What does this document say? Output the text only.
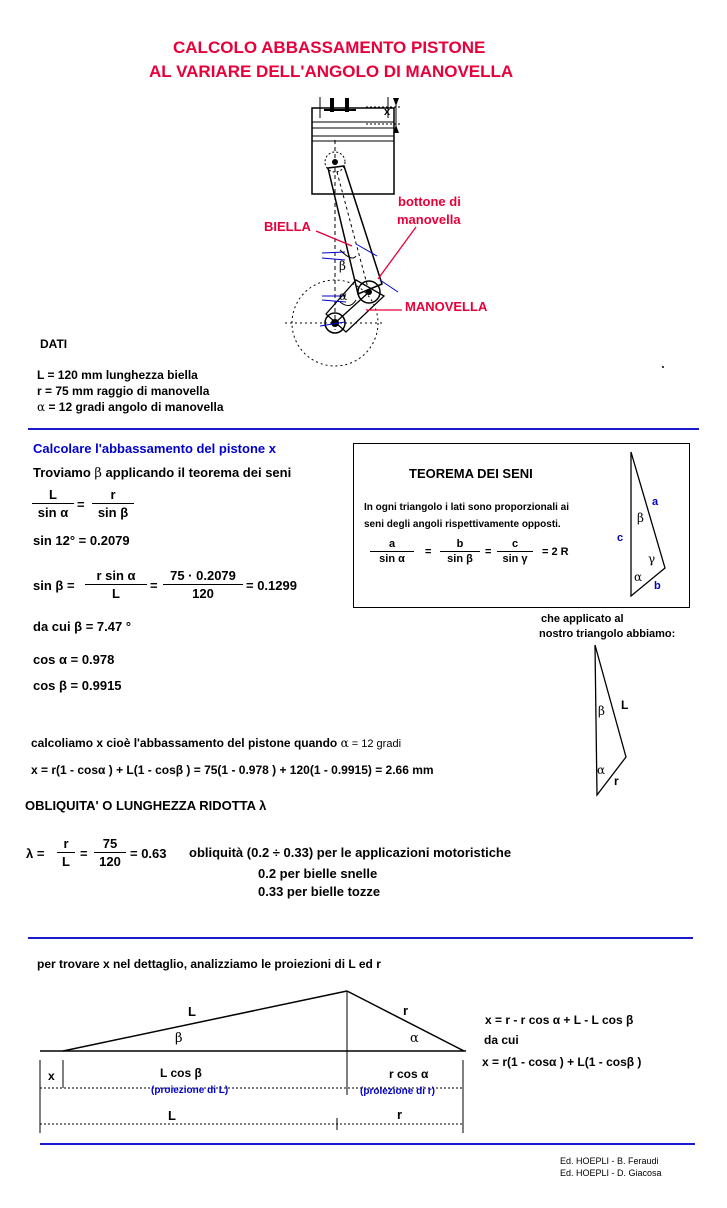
CALCOLO ABBASSAMENTO PISTONE
AL VARIARE DELL'ANGOLO DI MANOVELLA
x
bottone di
manovella
BIELLA
MANOVELLA
β
α
DATI
L = 120 mm lunghezza biella
r = 75 mm raggio di manovella
α = 12 gradi angolo di manovella
Calcolare l'abbassamento del pistone x
Troviamo β applicando il teorema dei seni
L
sin α
=
r
sin β
sin 12° = 0.2079
sin β =
r sin α
L
=
75 · 0.2079
120
= 0.1299
da cui β = 7.47 °
cos α = 0.978
cos β = 0.9915
TEOREMA DEI SENI
In ogni triangolo i lati sono proporzionali ai
seni degli angoli rispettivamente opposti.
a
sin α
=
b
sin β
=
c
sin γ
= 2 R
a
b
c
β
γ
α
che applicato al
nostro triangolo abbiamo:
β L
α
r
calcoliamo x cioè l'abbassamento del pistone quando α = 12 gradi
x = r(1 - cosα ) + L(1 - cosβ ) = 75(1 - 0.978 ) + 120(1 - 0.9915) = 2.66 mm
OBLIQUITA' O LUNGHEZZA RIDOTTA λ
λ =
r
L
=
75
120
= 0.63 obliquità (0.2 ÷ 0.33) per le applicazioni motoristiche
0.2 per bielle snelle
0.33 per bielle tozze
per trovare x nel dettaglio, analizziamo le proiezioni di L ed r
L	r
β	α
x	L cos β
(proiezione di L)
r cos α
(proiezione di r)
L	r
x = r - r cos α + L - L cos β
da cui
x = r(1 - cosα ) + L(1 - cosβ )
Ed. HOEPLI - B. Feraudi
Ed. HOEPLI - D. Giacosa
